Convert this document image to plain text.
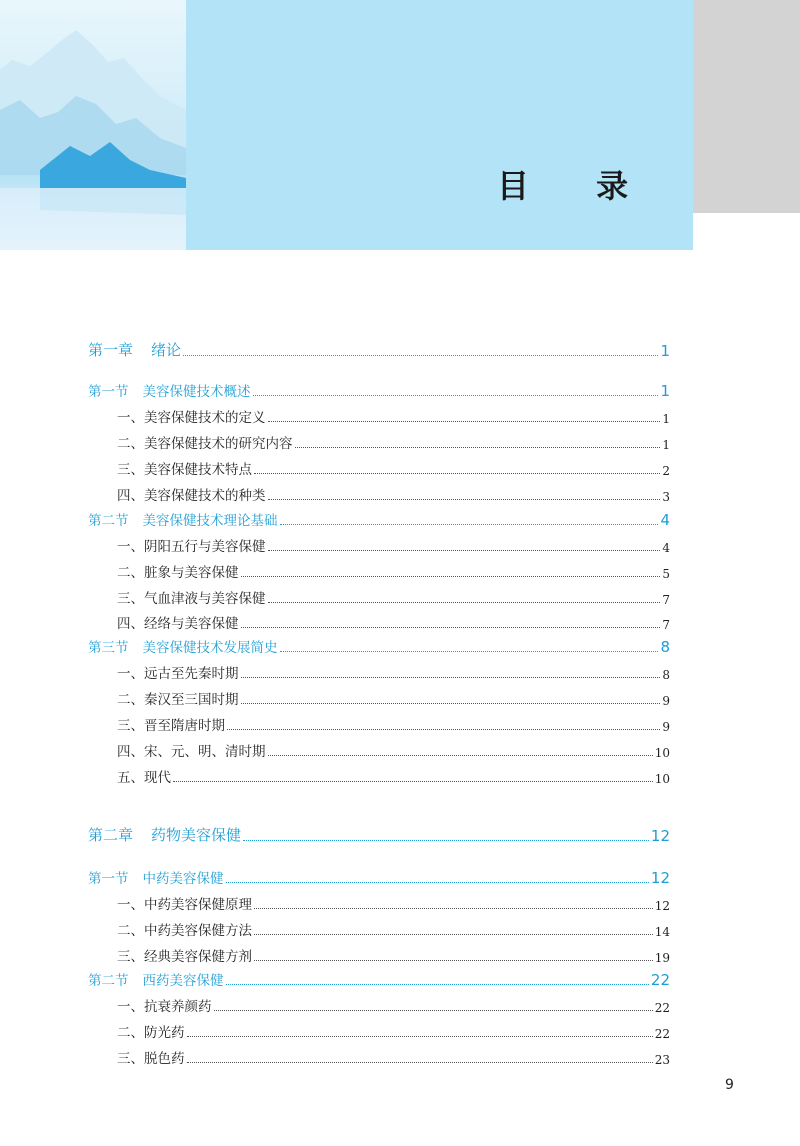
目 录
第一章 绪论	1
第一节 美容保健技术概述	1
一、美容保健技术的定义	1
二、美容保健技术的研究内容	1
三、美容保健技术特点	2
四、美容保健技术的种类	3
第二节 美容保健技术理论基础	4
一、阴阳五行与美容保健	4
二、脏象与美容保健	5
三、气血津液与美容保健	7
四、经络与美容保健	7
第三节 美容保健技术发展简史	8
一、远古至先秦时期	8
二、秦汉至三国时期	9
三、晋至隋唐时期	9
四、宋、元、明、清时期	10
五、现代	10
第二章 药物美容保健	12
第一节 中药美容保健	12
一、中药美容保健原理	12
二、中药美容保健方法	14
三、经典美容保健方剂	19
第二节 西药美容保健	22
一、抗衰养颜药	22
二、防光药	22
三、脱色药	23
9
